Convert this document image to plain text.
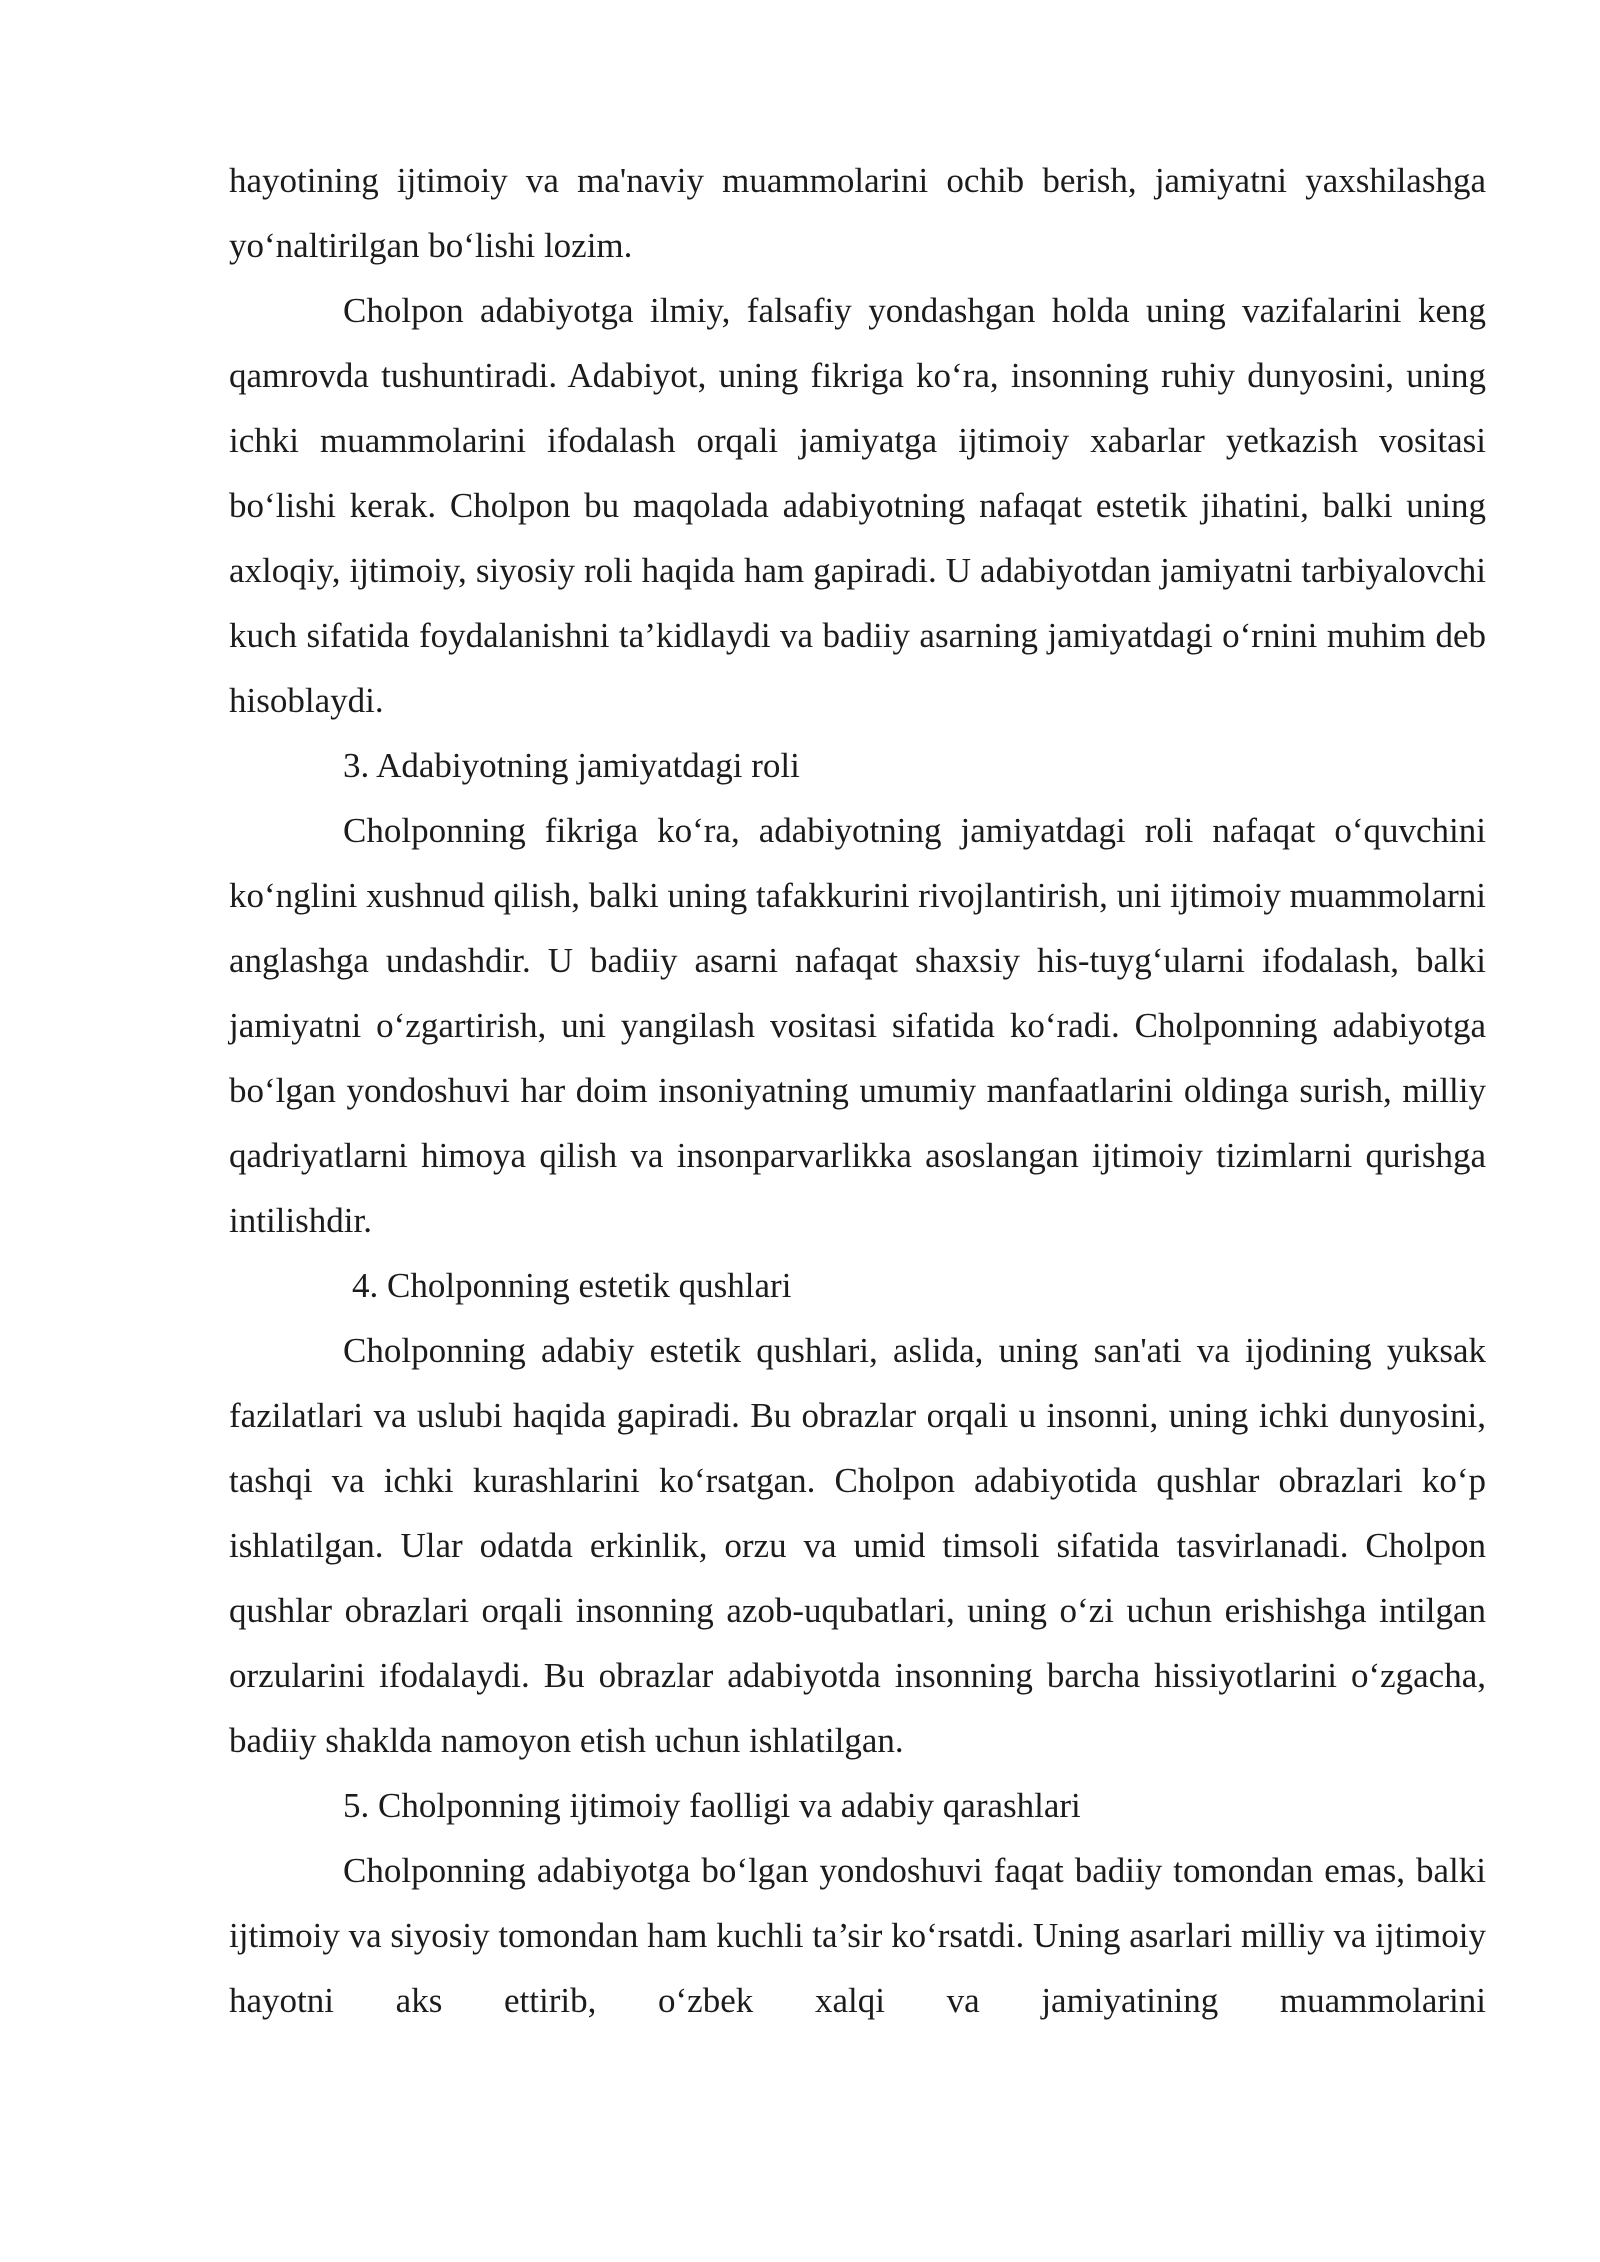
hayotining ijtimoiy va ma'naviy muammolarini ochib berish, jamiyatni yaxshilashga yo‘naltirilgan bo‘lishi lozim.

Cholpon adabiyotga ilmiy, falsafiy yondashgan holda uning vazifalarini keng qamrovda tushuntiradi. Adabiyot, uning fikriga ko‘ra, insonning ruhiy dunyosini, uning ichki muammolarini ifodalash orqali jamiyatga ijtimoiy xabarlar yetkazish vositasi bo‘lishi kerak. Cholpon bu maqolada adabiyotning nafaqat estetik jihatini, balki uning axloqiy, ijtimoiy, siyosiy roli haqida ham gapiradi. U adabiyotdan jamiyatni tarbiyalovchi kuch sifatida foydalanishni ta’kidlaydi va badiiy asarning jamiyatdagi o‘rnini muhim deb hisoblaydi.

3. Adabiyotning jamiyatdagi roli

Cholponning fikriga ko‘ra, adabiyotning jamiyatdagi roli nafaqat o‘quvchini ko‘nglini xushnud qilish, balki uning tafakkurini rivojlantirish, uni ijtimoiy muammolarni anglashga undashdir. U badiiy asarni nafaqat shaxsiy his-tuyg‘ularni ifodalash, balki jamiyatni o‘zgartirish, uni yangilash vositasi sifatida ko‘radi. Cholponning adabiyotga bo‘lgan yondoshuvi har doim insoniyatning umumiy manfaatlarini oldinga surish, milliy qadriyatlarni himoya qilish va insonparvarlikka asoslangan ijtimoiy tizimlarni qurishga intilishdir.

4. Cholponning estetik qushlari

Cholponning adabiy estetik qushlari, aslida, uning san'ati va ijodining yuksak fazilatlari va uslubi haqida gapiradi. Bu obrazlar orqali u insonni, uning ichki dunyosini, tashqi va ichki kurashlarini ko‘rsatgan. Cholpon adabiyotida qushlar obrazlari ko‘p ishlatilgan. Ular odatda erkinlik, orzu va umid timsoli sifatida tasvirlanadi. Cholpon qushlar obrazlari orqali insonning azob-uqubatlari, uning o‘zi uchun erishishga intilgan orzularini ifodalaydi. Bu obrazlar adabiyotda insonning barcha hissiyotlarini o‘zgacha, badiiy shaklda namoyon etish uchun ishlatilgan.

5. Cholponning ijtimoiy faolligi va adabiy qarashlari

Cholponning adabiyotga bo‘lgan yondoshuvi faqat badiiy tomondan emas, balki ijtimoiy va siyosiy tomondan ham kuchli ta’sir ko‘rsatdi. Uning asarlari milliy va ijtimoiy hayotni aks ettirib, o‘zbek xalqi va jamiyatining muammolarini
